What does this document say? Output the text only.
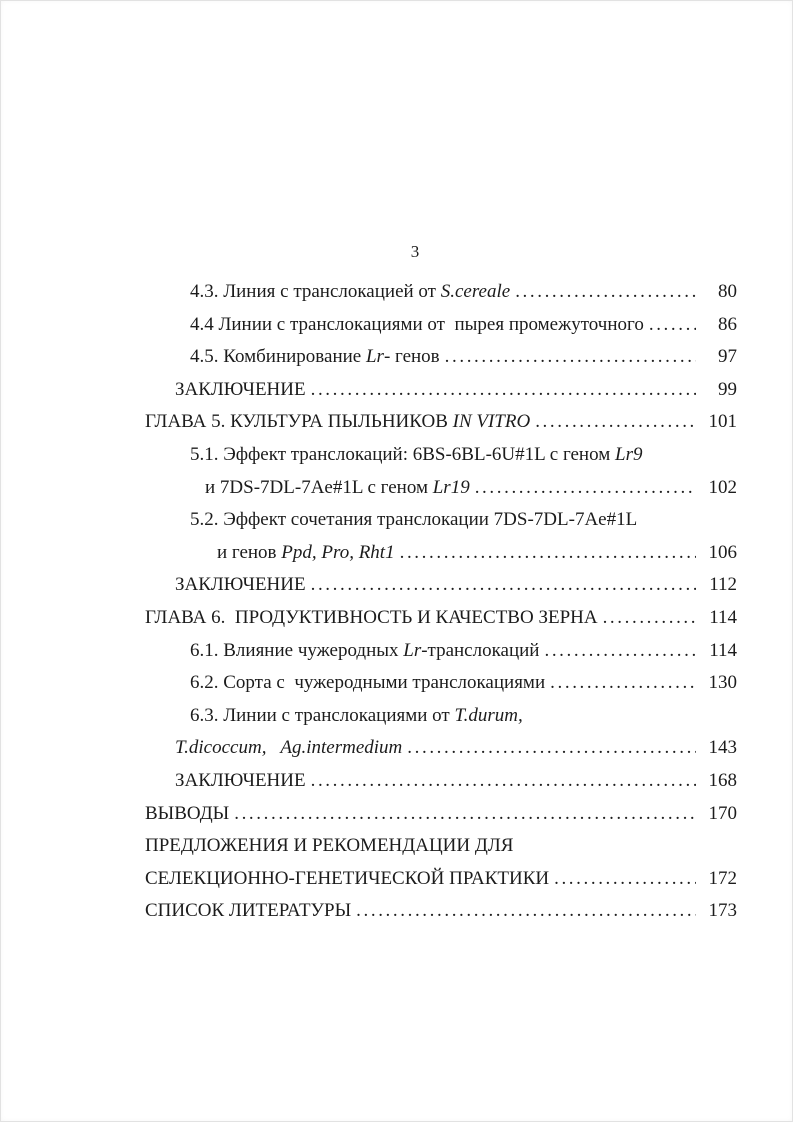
3
4.3. Линия с транслокацией от S.cereale .....	80
4.4 Линии с транслокациями от  пырея промежуточного .....	86
4.5. Комбинирование Lr- генов .....	97
ЗАКЛЮЧЕНИЕ .....	99
ГЛАВА 5. КУЛЬТУРА ПЫЛЬНИКОВ IN VITRO .....	101
5.1. Эффект транслокаций: 6BS-6BL-6U#1L с геном Lr9
и 7DS-7DL-7Ae#1L с геном Lr19 .....	102
5.2. Эффект сочетания транслокации 7DS-7DL-7Ae#1L
и генов Ppd, Pro, Rht1 .....	106
ЗАКЛЮЧЕНИЕ .....	112
ГЛАВА 6.  ПРОДУКТИВНОСТЬ И КАЧЕСТВО ЗЕРНА .....	114
6.1. Влияние чужеродных Lr-транслокаций .....	114
6.2. Сорта с  чужеродными транслокациями .....	130
6.3. Линии с транслокациями от T.durum,
T.dicoccum,   Ag.intermedium .....	143
ЗАКЛЮЧЕНИЕ .....	168
ВЫВОДЫ .....	170
ПРЕДЛОЖЕНИЯ И РЕКОМЕНДАЦИИ ДЛЯ
СЕЛЕКЦИОННО-ГЕНЕТИЧЕСКОЙ ПРАКТИКИ .....	172
СПИСОК ЛИТЕРАТУРЫ .....	173
